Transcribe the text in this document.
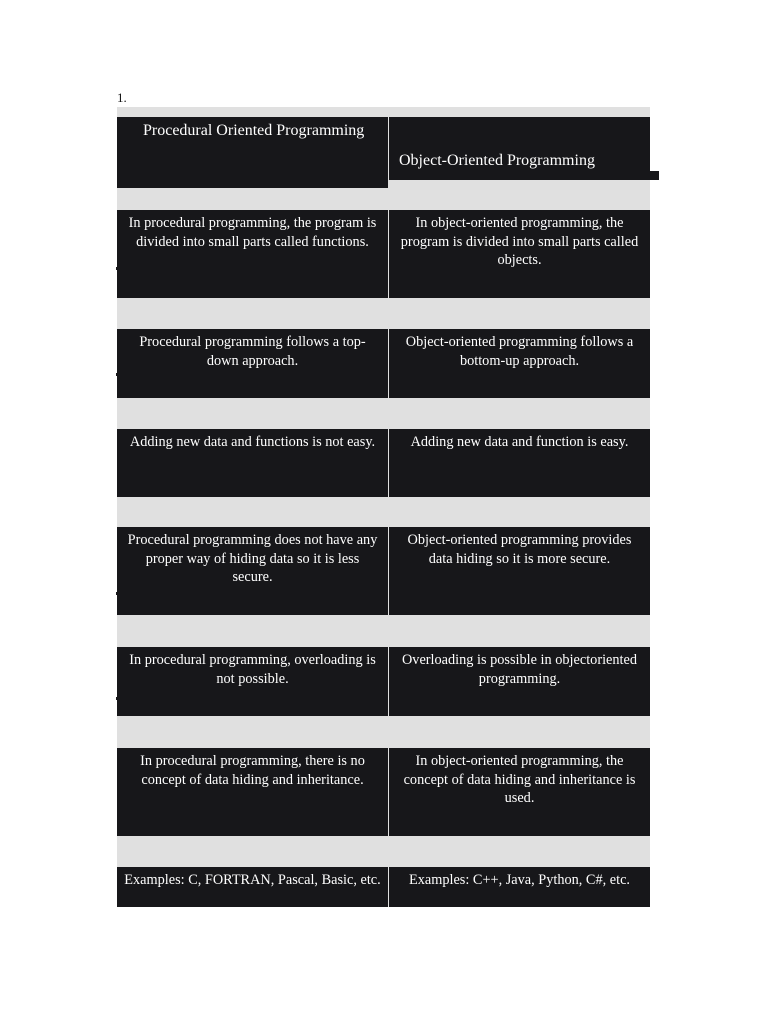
1.
Procedural Oriented Programming
Object-Oriented Programming
In procedural programming, the program is divided into small parts called functions.
In object-oriented programming, the program is divided into small parts called objects.
Procedural programming follows a top-down approach.
Object-oriented programming follows a bottom-up approach.
Adding new data and functions is not easy.	Adding new data and function is easy.
Procedural programming does not have any proper way of hiding data so it is less secure.
Object-oriented programming provides data hiding so it is more secure.
In procedural programming, overloading is not possible.
Overloading is possible in objectoriented programming.
In procedural programming, there is no concept of data hiding and inheritance.
In object-oriented programming, the concept of data hiding and inheritance is used.
Examples: C, FORTRAN, Pascal, Basic, etc.	Examples: C++, Java, Python, C#, etc.
